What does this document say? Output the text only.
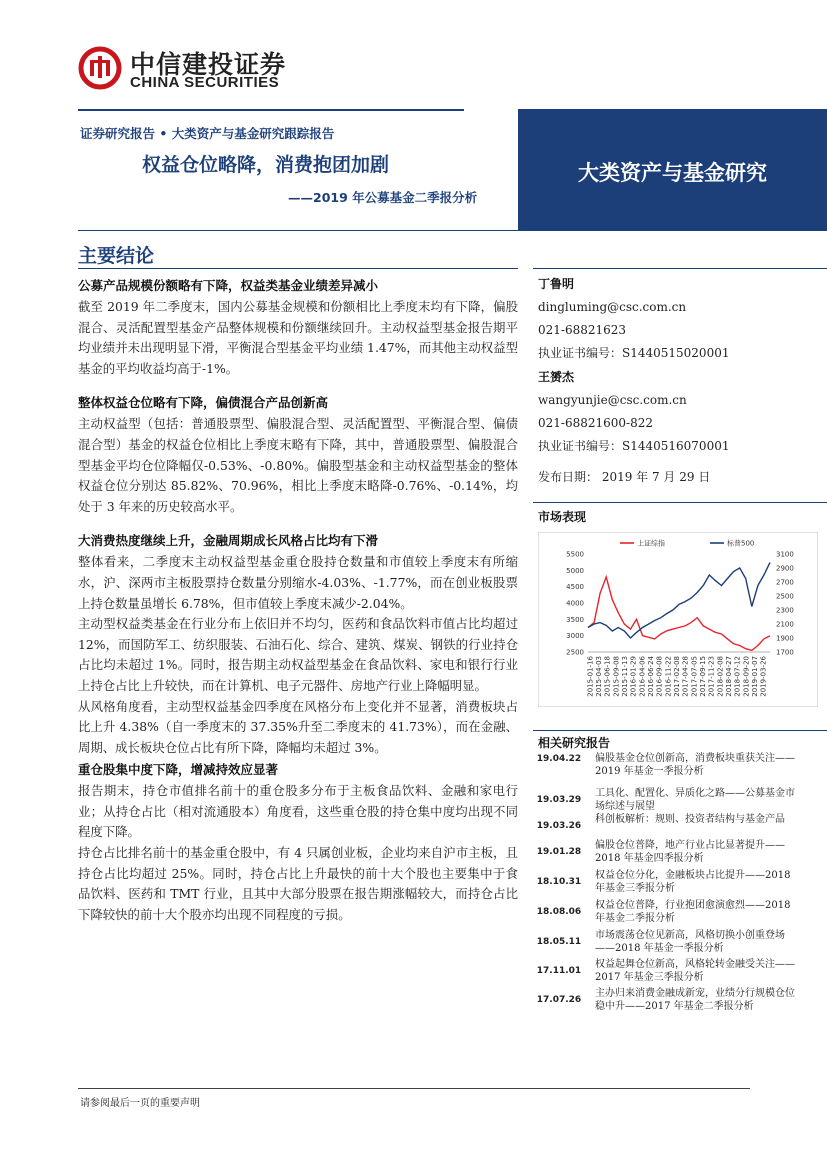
中信建投证券
CHINA SECURITIES
证券研究报告 • 大类资产与基金研究跟踪报告
权益仓位略降，消费抱团加剧
——2019 年公募基金二季报分析
大类资产与基金研究
主要结论
公募产品规模份额略有下降，权益类基金业绩差异减小
截至 2019 年二季度末，国内公募基金规模和份额相比上季度末均有下降，偏股混合、灵活配置型基金产品整体规模和份额继续回升。主动权益型基金报告期平均业绩并未出现明显下滑，平衡混合型基金平均业绩 1.47%，而其他主动权益型基金的平均收益均高于-1%。
整体权益仓位略有下降，偏债混合产品创新高
主动权益型（包括：普通股票型、偏股混合型、灵活配置型、平衡混合型、偏债混合型）基金的权益仓位相比上季度末略有下降，其中，普通股票型、偏股混合型基金平均仓位降幅仅-0.53%、-0.80%。偏股型基金和主动权益型基金的整体权益仓位分别达 85.82%、70.96%，相比上季度末略降-0.76%、-0.14%，均处于 3 年来的历史较高水平。
大消费热度继续上升，金融周期成长风格占比均有下滑
整体看来，二季度末主动权益型基金重仓股持仓数量和市值较上季度末有所缩水，沪、深两市主板股票持仓数量分别缩水-4.03%、-1.77%，而在创业板股票上持仓数量虽增长 6.78%，但市值较上季度末减少-2.04%。
主动型权益类基金在行业分布上依旧并不均匀，医药和食品饮料市值占比均超过 12%，而国防军工、纺织服装、石油石化、综合、建筑、煤炭、钢铁的行业持仓占比均未超过 1%。同时，报告期主动权益型基金在食品饮料、家电和银行行业上持仓占比上升较快，而在计算机、电子元器件、房地产行业上降幅明显。
从风格角度看，主动型权益基金四季度在风格分布上变化并不显著，消费板块占比上升 4.38%（自一季度末的 37.35%升至二季度末的 41.73%），而在金融、周期、成长板块仓位占比有所下降，降幅均未超过 3%。
重仓股集中度下降，增减持效应显著
报告期末，持仓市值排名前十的重仓股多分布于主板食品饮料、金融和家电行业；从持仓占比（相对流通股本）角度看，这些重仓股的持仓集中度均出现不同程度下降。
持仓占比排名前十的基金重仓股中，有 4 只属创业板，企业均来自沪市主板，且持仓占比均超过 25%。同时，持仓占比上升最快的前十大个股也主要集中于食品饮料、医药和 TMT 行业，且其中大部分股票在报告期涨幅较大，而持仓占比下降较快的前十大个股亦均出现不同程度的亏损。
丁鲁明
dingluming@csc.com.cn
021-68821623
执业证书编号：S1440515020001
王赟杰
wangyunjie@csc.com.cn
021-68821600-822
执业证书编号：S1440516070001
发布日期： 2019 年 7 月 29 日
市场表现
5500
5000
4500
4000
3500
3000
2500
3100
2900
2700
2500
2300
2100
1900
1700
2015-01-16 2015-04-03 2015-06-18 2015-09-08 2015-11-13 2016-01-29 2016-04-06 2016-06-24 2016-09-08 2016-11-22 2017-02-08 2017-04-28 2017-07-05 2017-09-15 2017-11-23 2018-02-08 2018-04-27 2018-07-12 2018-09-20 2019-01-07 2019-03-26
上证综指	标普500
相关研究报告
19.04.22	偏股基金仓位创新高，消费板块重获关注——2019 年基金一季报分析
19.03.29
工具化、配置化、异质化之路——公募基金市场综述与展望
19.03.26
科创板解析：规则、投资者结构与基金产品
19.01.28
偏股仓位普降，地产行业占比显著提升——2018 年基金四季报分析
18.10.31
权益仓位分化，金融板块占比提升——2018 年基金三季报分析
18.08.06
权益仓位普降，行业抱团愈演愈烈——2018 年基金二季报分析
18.05.11
市场震荡仓位见新高，风格切换小创重登场——2018 年基金一季报分析
17.11.01
权益起舞仓位新高，风格轮转金融受关注——2017 年基金三季报分析
17.07.26
主办归来消费金融成新宠，业绩分行规模仓位稳中升——2017 年基金二季报分析
请参阅最后一页的重要声明
